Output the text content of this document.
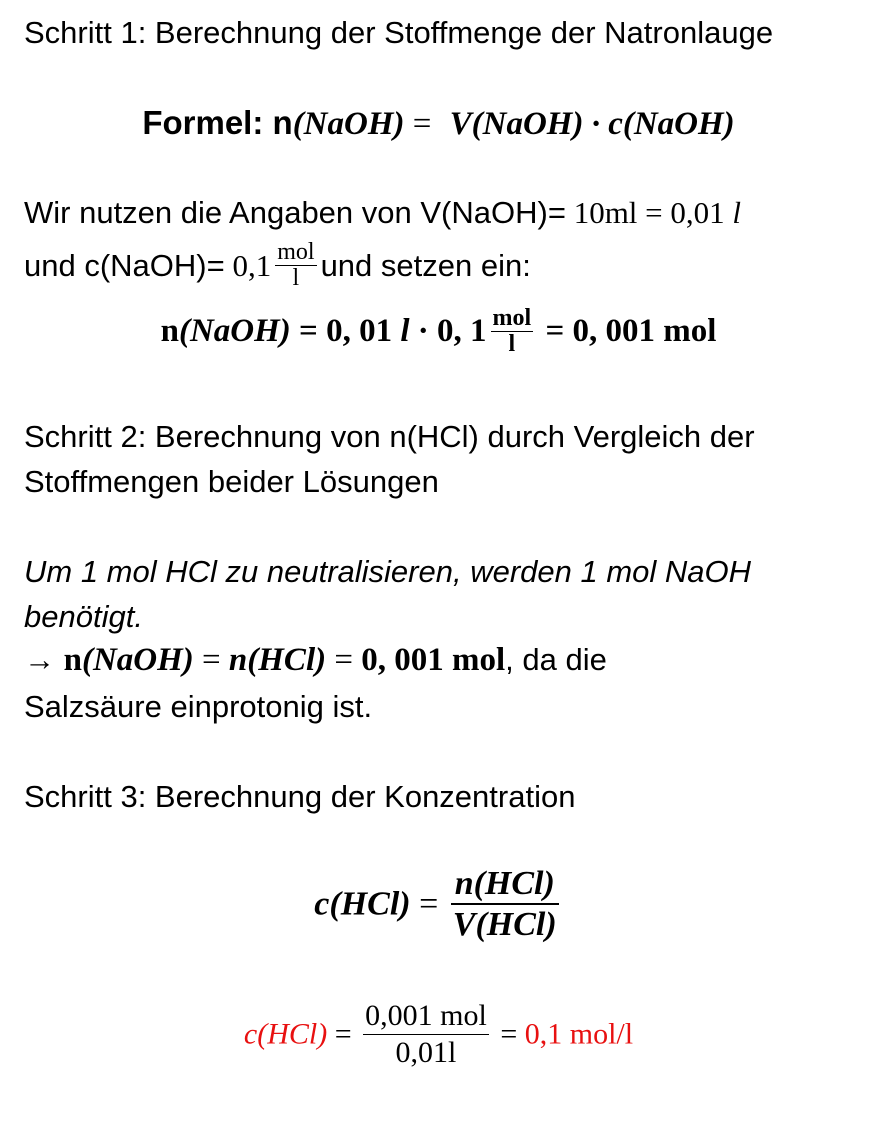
Schritt 1: Berechnung der Stoffmenge der Natronlauge
Formel: n(NaOH) = V(NaOH) · c(NaOH)
Wir nutzen die Angaben von V(NaOH)= 10ml = 0,01 l
und c(NaOH)= $0,1 \frac{\text{mol}}{l}$ und setzen ein:
n(NaOH) = 0, 01 l · 0, $1 \frac{\text{mol}}{l} = 0$, 001 mol
Schritt 2: Berechnung von n(HCl) durch Vergleich der
Stoffmengen beider Lösungen
Um 1 mol HCl zu neutralisieren, werden 1 mol NaOH
benötigt.
→ n(NaOH) = n(HCl) = 0, 001 mol, da die
Salzsäure einprotonig ist.
Schritt 3: Berechnung der Konzentration
$c(HCl) = \frac{\text{n(HCl)}}{\text{V(HCl)}}$
$c(HCl) = \frac{\text{0,001 mol}}{0,01l} = 0,1$ mol/l
